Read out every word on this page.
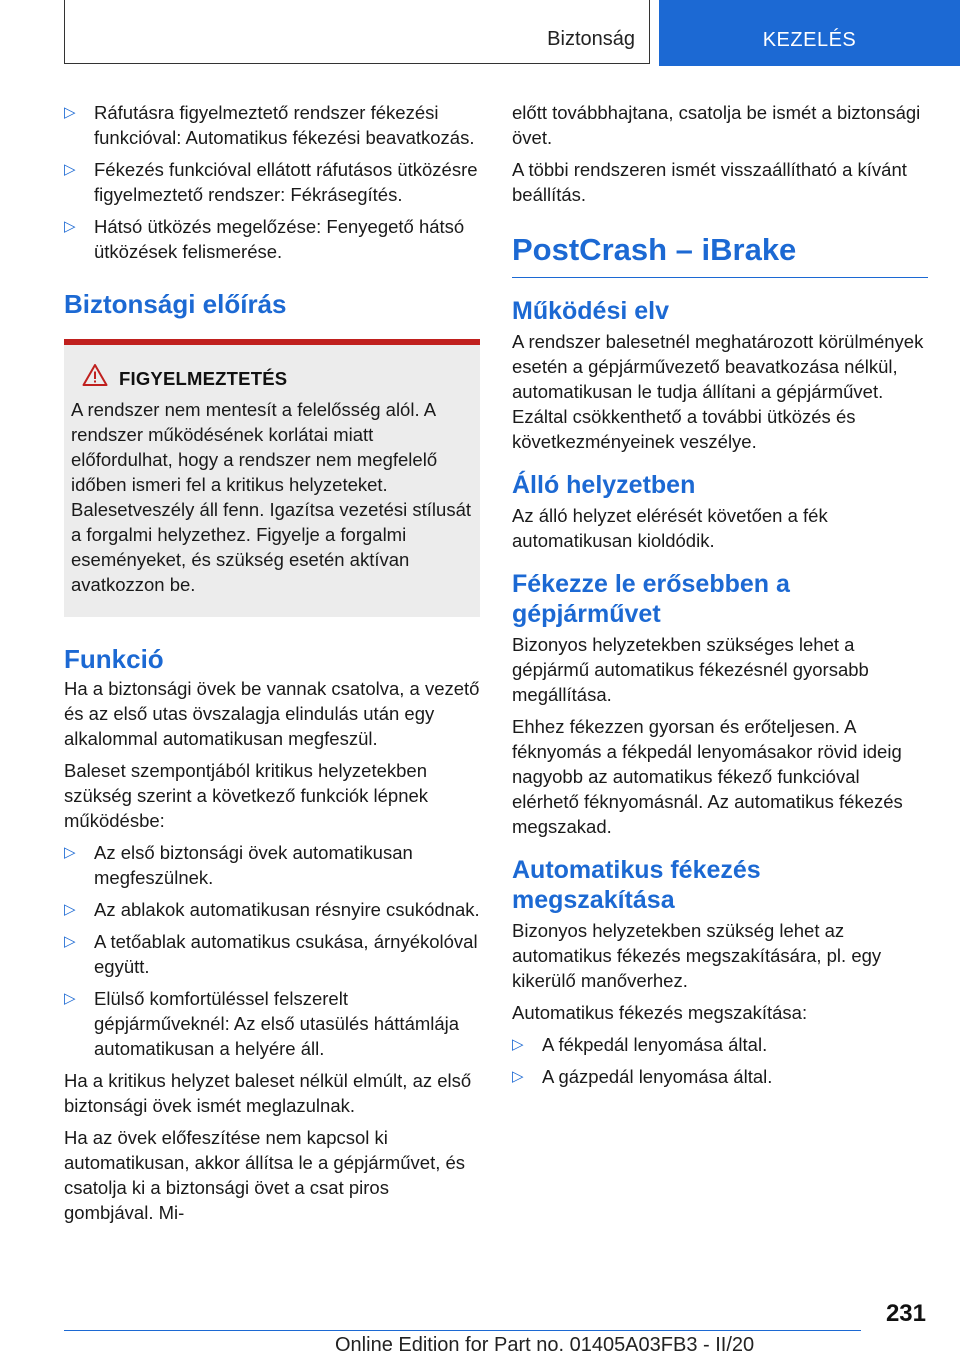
Biztonság	KEZELÉS
▷ Ráfutásra figyelmeztető rendszer fékezési funkcióval: Automatikus fékezési beavatkozás.
▷ Fékezés funkcióval ellátott ráfutásos ütközésre figyelmeztető rendszer: Fékrásegítés.
▷ Hátsó ütközés megelőzése: Fenyegető hátsó ütközések felismerése.
Biztonsági előírás
FIGYELMEZTETÉS

A rendszer nem mentesít a felelősség alól. A rendszer működésének korlátai miatt előfordulhat, hogy a rendszer nem megfelelő időben ismeri fel a kritikus helyzeteket. Balesetveszély áll fenn. Igazítsa vezetési stílusát a forgalmi helyzethez. Figyelje a forgalmi eseményeket, és szükség esetén aktívan avatkozzon be.

Funkció

Ha a biztonsági övek be vannak csatolva, a vezető és az első utas övszalagja elindulás után egy alkalommal automatikusan megfeszül.

Baleset szempontjából kritikus helyzetekben szükség szerint a következő funkciók lépnek működésbe:

▷ Az első biztonsági övek automatikusan megfeszülnek.
▷ Az ablakok automatikusan résnyire csukódnak.
▷ A tetőablak automatikus csukása, árnyékolóval együtt.
▷ Elülső komfortüléssel felszerelt gépjárműveknél: Az első utasülés háttámlája automatikusan a helyére áll.

Ha a kritikus helyzet baleset nélkül elmúlt, az első biztonsági övek ismét meglazulnak.

Ha az övek előfeszítése nem kapcsol ki automatikusan, akkor állítsa le a gépjárművet, és csatolja ki a biztonsági övet a csat piros gombjával. Mi-

előtt továbbhajtana, csatolja be ismét a biztonsági övet.

A többi rendszeren ismét visszaállítható a kívánt beállítás.

PostCrash – iBrake
Működési elv

A rendszer balesetnél meghatározott körülmények esetén a gépjárművezető beavatkozása nélkül, automatikusan le tudja állítani a gépjárművet. Ezáltal csökkenthető a további ütközés és következményeinek veszélye.

Álló helyzetben

Az álló helyzet elérését követően a fék automatikusan kioldódik.

Fékezze le erősebben a gépjárművet

Bizonyos helyzetekben szükséges lehet a gépjármű automatikus fékezésnél gyorsabb megállítása.

Ehhez fékezzen gyorsan és erőteljesen. A féknyomás a fékpedál lenyomásakor rövid ideig nagyobb az automatikus fékező funkcióval elérhető féknyomásnál. Az automatikus fékezés megszakad.

Automatikus fékezés megszakítása

Bizonyos helyzetekben szükség lehet az automatikus fékezés megszakítására, pl. egy kikerülő manőverhez.

Automatikus fékezés megszakítása:

▷ A fékpedál lenyomása által.
▷ A gázpedál lenyomása által.
231
Online Edition for Part no. 01405A03FB3 - II/20
